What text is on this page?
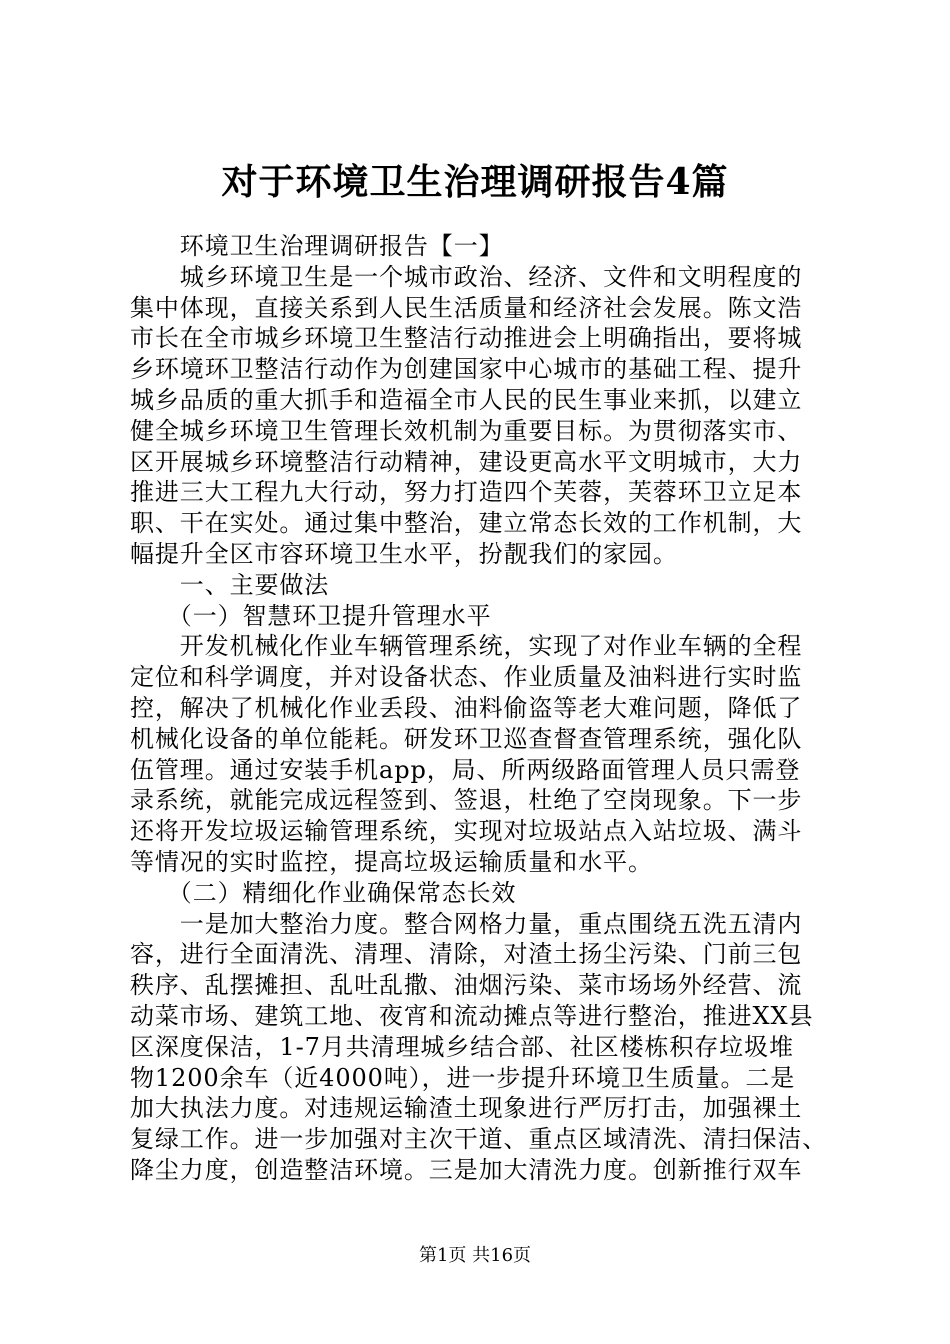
对于环境卫生治理调研报告4篇
　　环境卫生治理调研报告【一】
　　城乡环境卫生是一个城市政治、经济、文件和文明程度的
集中体现，直接关系到人民生活质量和经济社会发展。陈文浩
市长在全市城乡环境卫生整洁行动推进会上明确指出，要将城
乡环境环卫整洁行动作为创建国家中心城市的基础工程、提升
城乡品质的重大抓手和造福全市人民的民生事业来抓，以建立
健全城乡环境卫生管理长效机制为重要目标。为贯彻落实市、
区开展城乡环境整洁行动精神，建设更高水平文明城市，大力
推进三大工程九大行动，努力打造四个芙蓉，芙蓉环卫立足本
职、干在实处。通过集中整治，建立常态长效的工作机制，大
幅提升全区市容环境卫生水平，扮靓我们的家园。
　　一、主要做法
　　（一）智慧环卫提升管理水平
　　开发机械化作业车辆管理系统，实现了对作业车辆的全程
定位和科学调度，并对设备状态、作业质量及油料进行实时监
控，解决了机械化作业丢段、油料偷盗等老大难问题，降低了
机械化设备的单位能耗。研发环卫巡查督查管理系统，强化队
伍管理。通过安装手机app，局、所两级路面管理人员只需登
录系统，就能完成远程签到、签退，杜绝了空岗现象。下一步
还将开发垃圾运输管理系统，实现对垃圾站点入站垃圾、满斗
等情况的实时监控，提高垃圾运输质量和水平。
　　（二）精细化作业确保常态长效
　　一是加大整治力度。整合网格力量，重点围绕五洗五清内
容，进行全面清洗、清理、清除，对渣土扬尘污染、门前三包
秩序、乱摆摊担、乱吐乱撒、油烟污染、菜市场场外经营、流
动菜市场、建筑工地、夜宵和流动摊点等进行整治，推进XX县
区深度保洁，1-7月共清理城乡结合部、社区楼栋积存垃圾堆
物1200余车（近4000吨），进一步提升环境卫生质量。二是
加大执法力度。对违规运输渣土现象进行严厉打击，加强裸土
复绿工作。进一步加强对主次干道、重点区域清洗、清扫保洁、
降尘力度，创造整洁环境。三是加大清洗力度。创新推行双车
第1页 共16页
